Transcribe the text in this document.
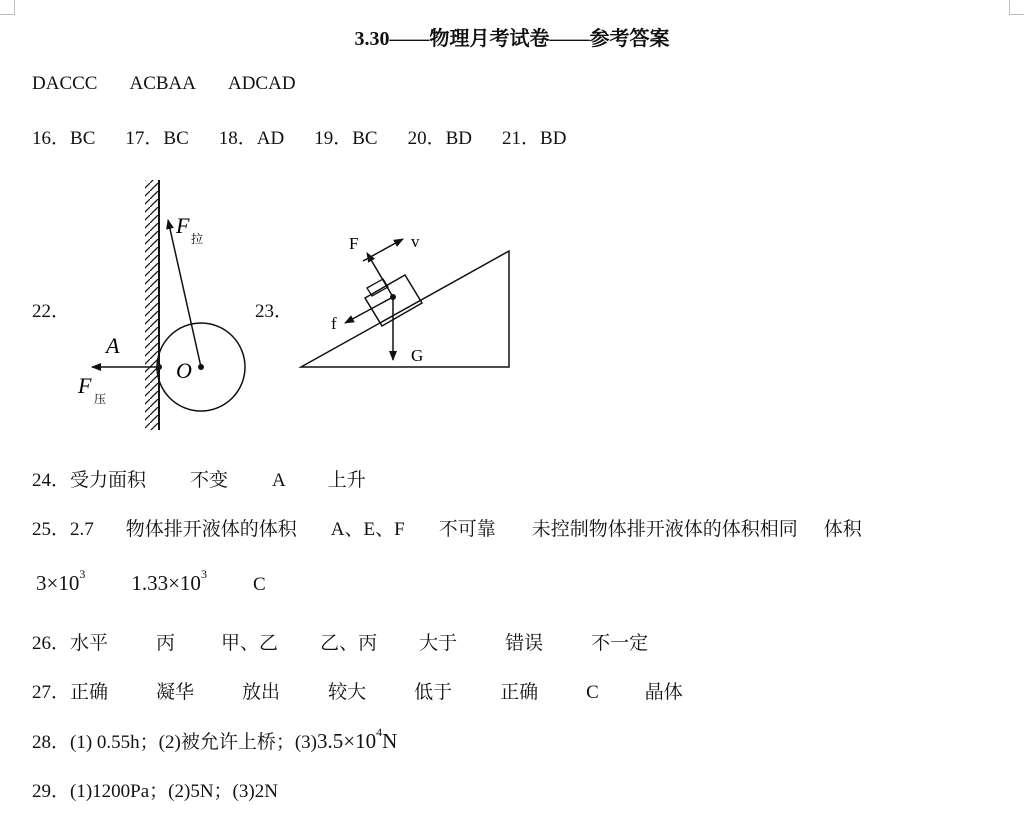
3.30——物理月考试卷——参考答案
DACCC ACBAA ADCAD
16．BC 17．BC 18．AD 19．BC 20．BD 21．BD
22．
F
拉
A
O
F
压
23．
F	v
f
G
24．受力面积 不变 A 上升
25．2.7 物体排开液体的体积 A、E、F 不可靠 未控制物体排开液体的体积相同 体积
$3\times 10^3$ $1.33\times 10^3$ C
26．水平	丙 甲、乙 乙、丙 大于	错误	不一定
27．正确	凝华	放出	较大	低于	正确	C 晶体
28．(1) 0.55h；(2)被允许上桥；$(3)3.5\times 10^4N$
29．(1)1200Pa；(2)5N；(3)2N
